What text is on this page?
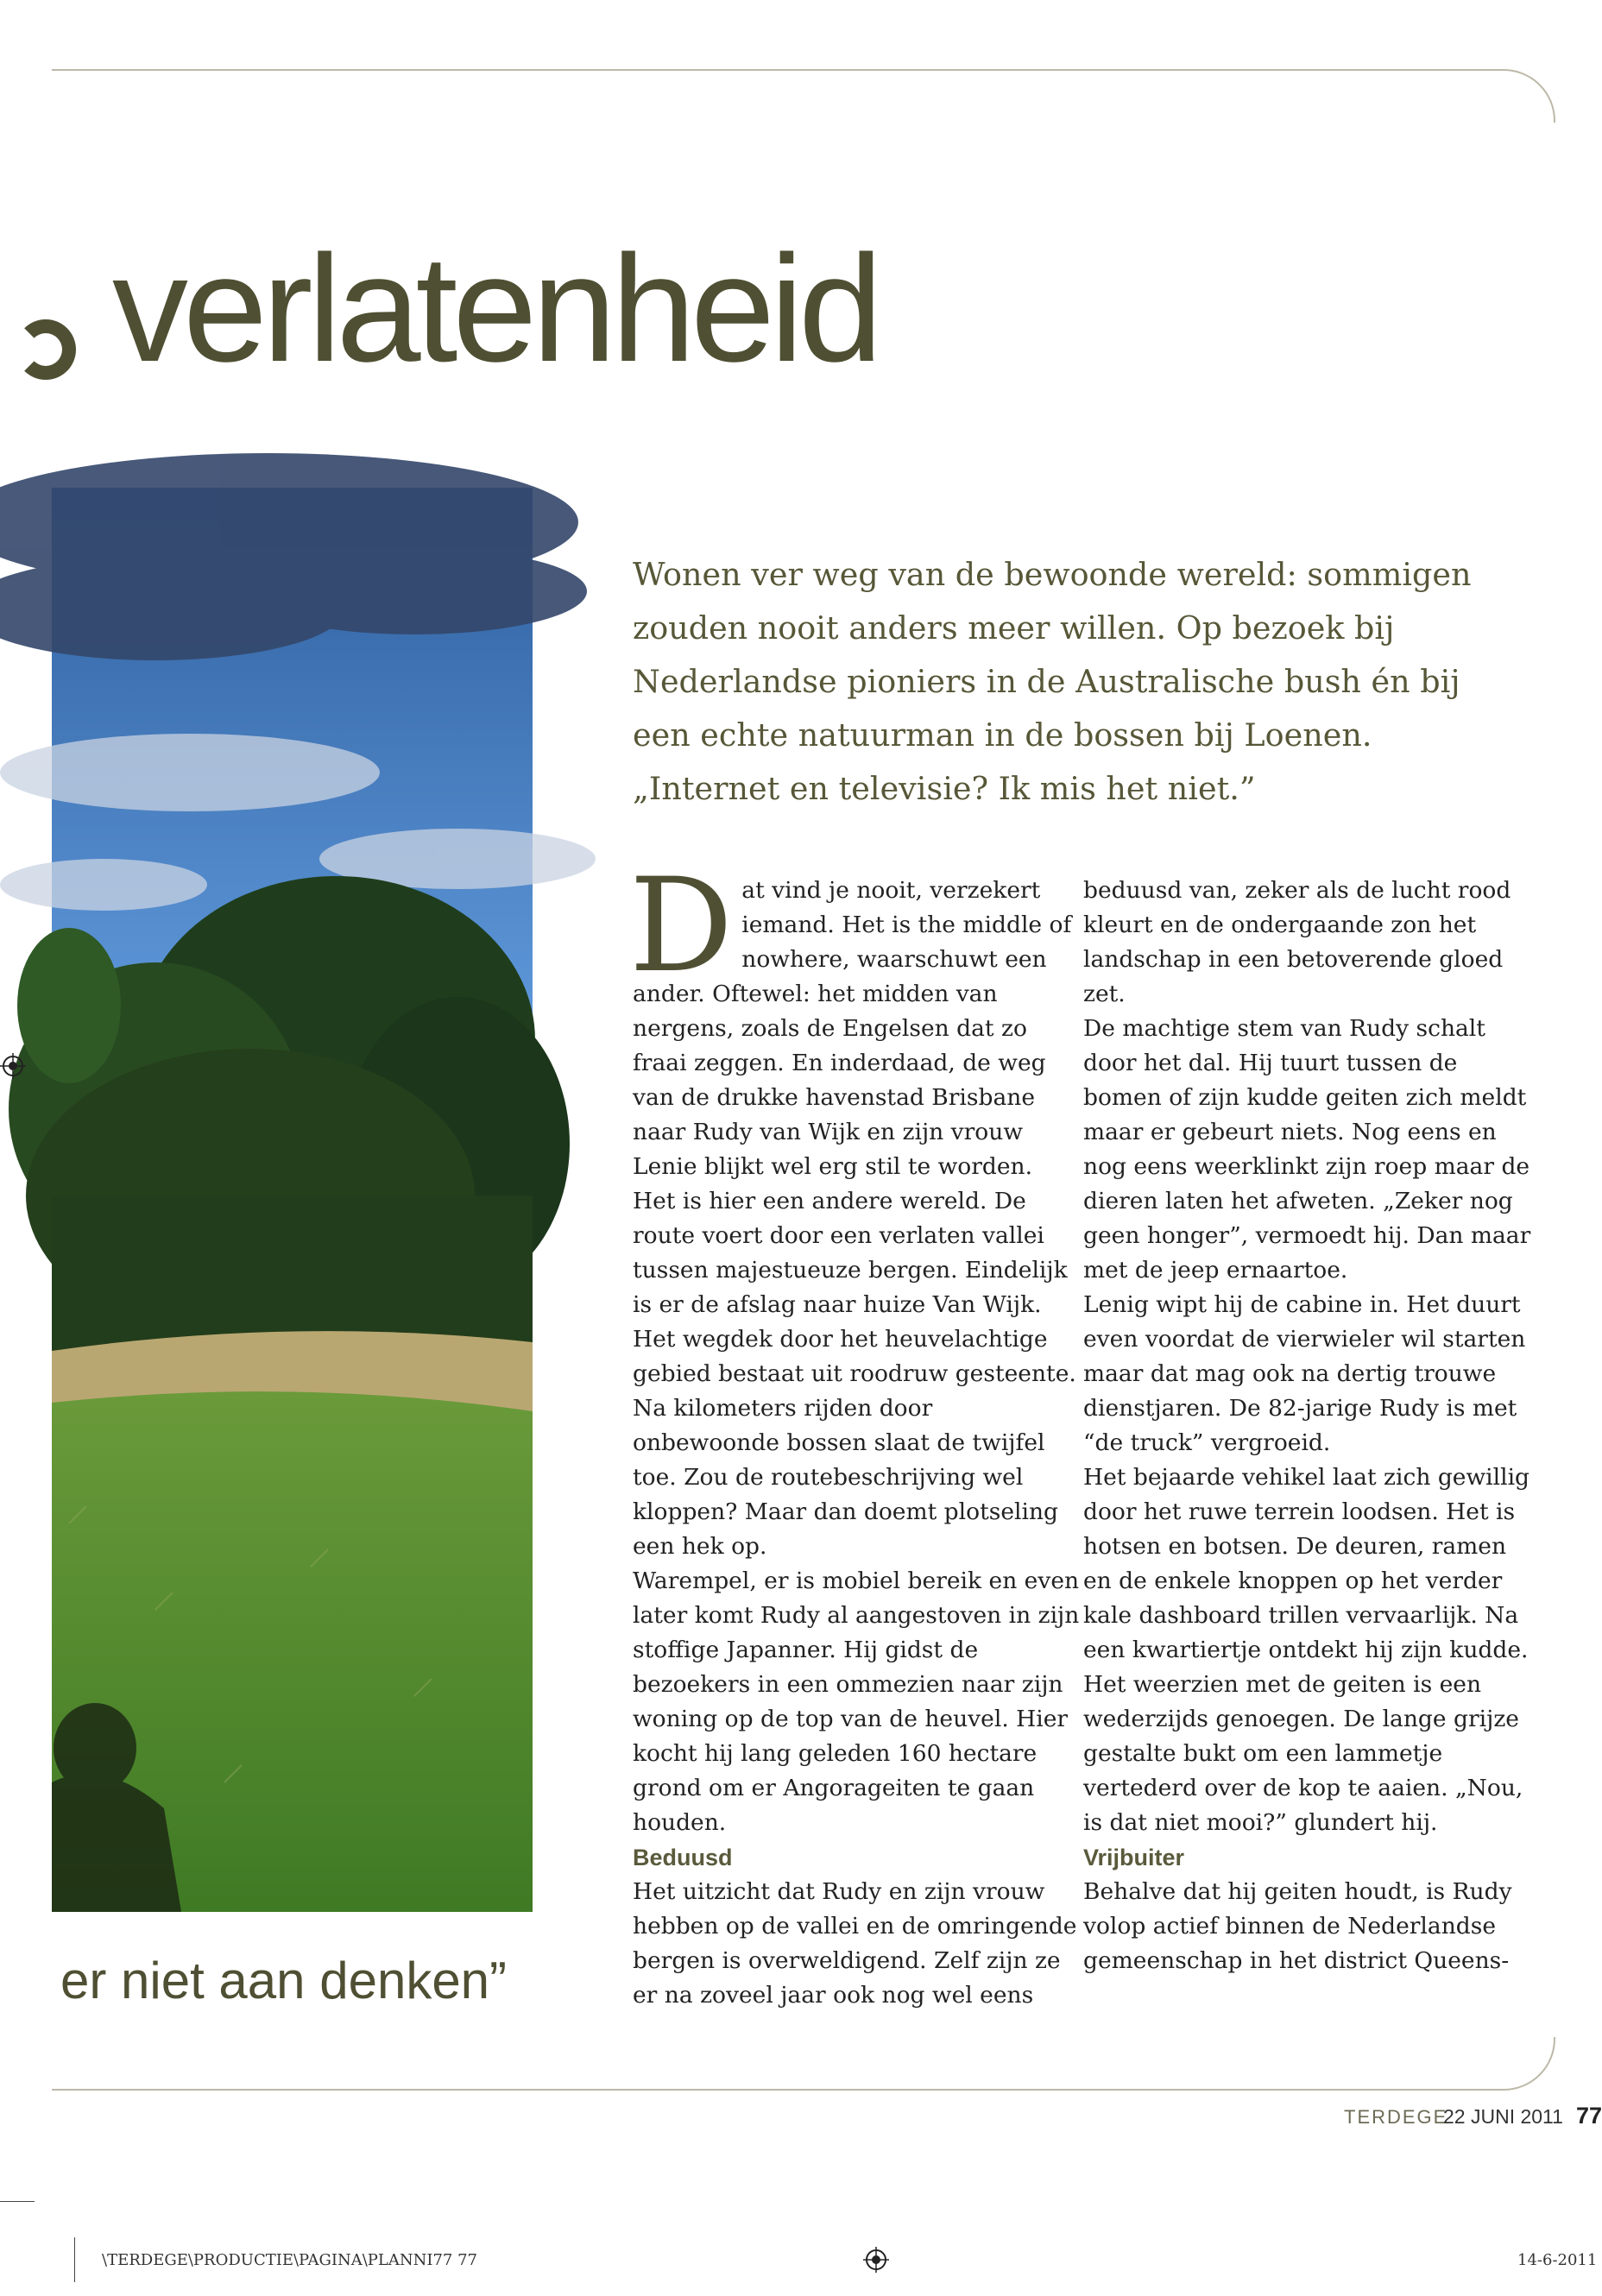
verlatenheid

er niet aan denken”

Wonen ver weg van de bewoonde wereld: sommigen zouden nooit anders meer willen. Op bezoek bij Nederlandse pioniers in de Australische bush én bij een echte natuurman in de bossen bij Loenen. „Internet en televisie? Ik mis het niet.”

D at vind je nooit, verzekert iemand. Het is the middle of nowhere, waarschuwt een ander. Oftewel: het midden van nergens, zoals de Engelsen dat zo fraai zeggen. En inderdaad, de weg van de drukke havenstad Brisbane naar Rudy van Wijk en zijn vrouw Lenie blijkt wel erg stil te worden. Het is hier een andere wereld. De route voert door een verlaten vallei tussen majestueuze bergen. Eindelijk is er de afslag naar huize Van Wijk. Het wegdek door het heuvelachtige gebied bestaat uit roodruw gesteente. Na kilometers rijden door onbewoonde bossen slaat de twijfel toe. Zou de routebeschrijving wel kloppen? Maar dan doemt plotseling een hek op.

Warempel, er is mobiel bereik en even later komt Rudy al aangestoven in zijn stoffige Japanner. Hij gidst de bezoekers in een ommezien naar zijn woning op de top van de heuvel. Hier kocht hij lang geleden 160 hectare grond om er Angorageiten te gaan houden.

Beduusd

Het uitzicht dat Rudy en zijn vrouw hebben op de vallei en de omringende bergen is overweldigend. Zelf zijn ze er na zoveel jaar ook nog wel eens

beduusd van, zeker als de lucht rood kleurt en de ondergaande zon het landschap in een betoverende gloed zet.

De machtige stem van Rudy schalt door het dal. Hij tuurt tussen de bomen of zijn kudde geiten zich meldt maar er gebeurt niets. Nog eens en nog eens weerklinkt zijn roep maar de dieren laten het afweten. „Zeker nog geen honger”, vermoedt hij. Dan maar met de jeep ernaartoe.

Lenig wipt hij de cabine in. Het duurt even voordat de vierwieler wil starten maar dat mag ook na dertig trouwe dienstjaren. De 82-jarige Rudy is met “de truck” vergroeid.

Het bejaarde vehikel laat zich gewillig door het ruwe terrein loodsen. Het is hotsen en botsen. De deuren, ramen en de enkele knoppen op het verder kale dashboard trillen vervaarlijk. Na een kwartiertje ontdekt hij zijn kudde. Het weerzien met de geiten is een wederzijds genoegen. De lange grijze gestalte bukt om een lammetje vertederd over de kop te aaien. „Nou, is dat niet mooi?” glundert hij.

Vrijbuiter

Behalve dat hij geiten houdt, is Rudy volop actief binnen de Nederlandse gemeenschap in het district Queens-

TERDEGE
22 JUNI 2011 77
\TERDEGE\PRODUCTIE\PAGINA\PLANNI77 77	14-6-2011
